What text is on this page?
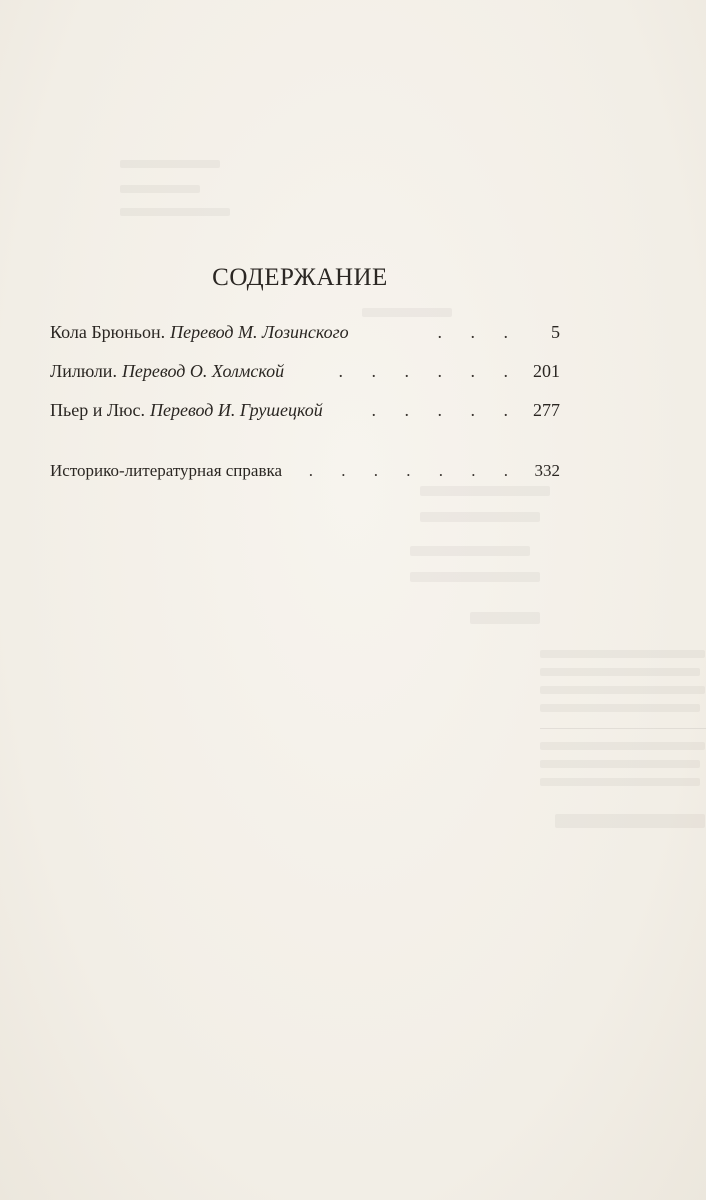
СОДЕРЖАНИЕ
Кола Брюньон. Перевод М. Лозинского	. . .	5
Лилюли. Перевод О. Холмской	. . . . . . 201
Пьер и Люс. Перевод И. Грушецкой	. . . . . 277
Историко-литературная справка	. . . . . . . 332
